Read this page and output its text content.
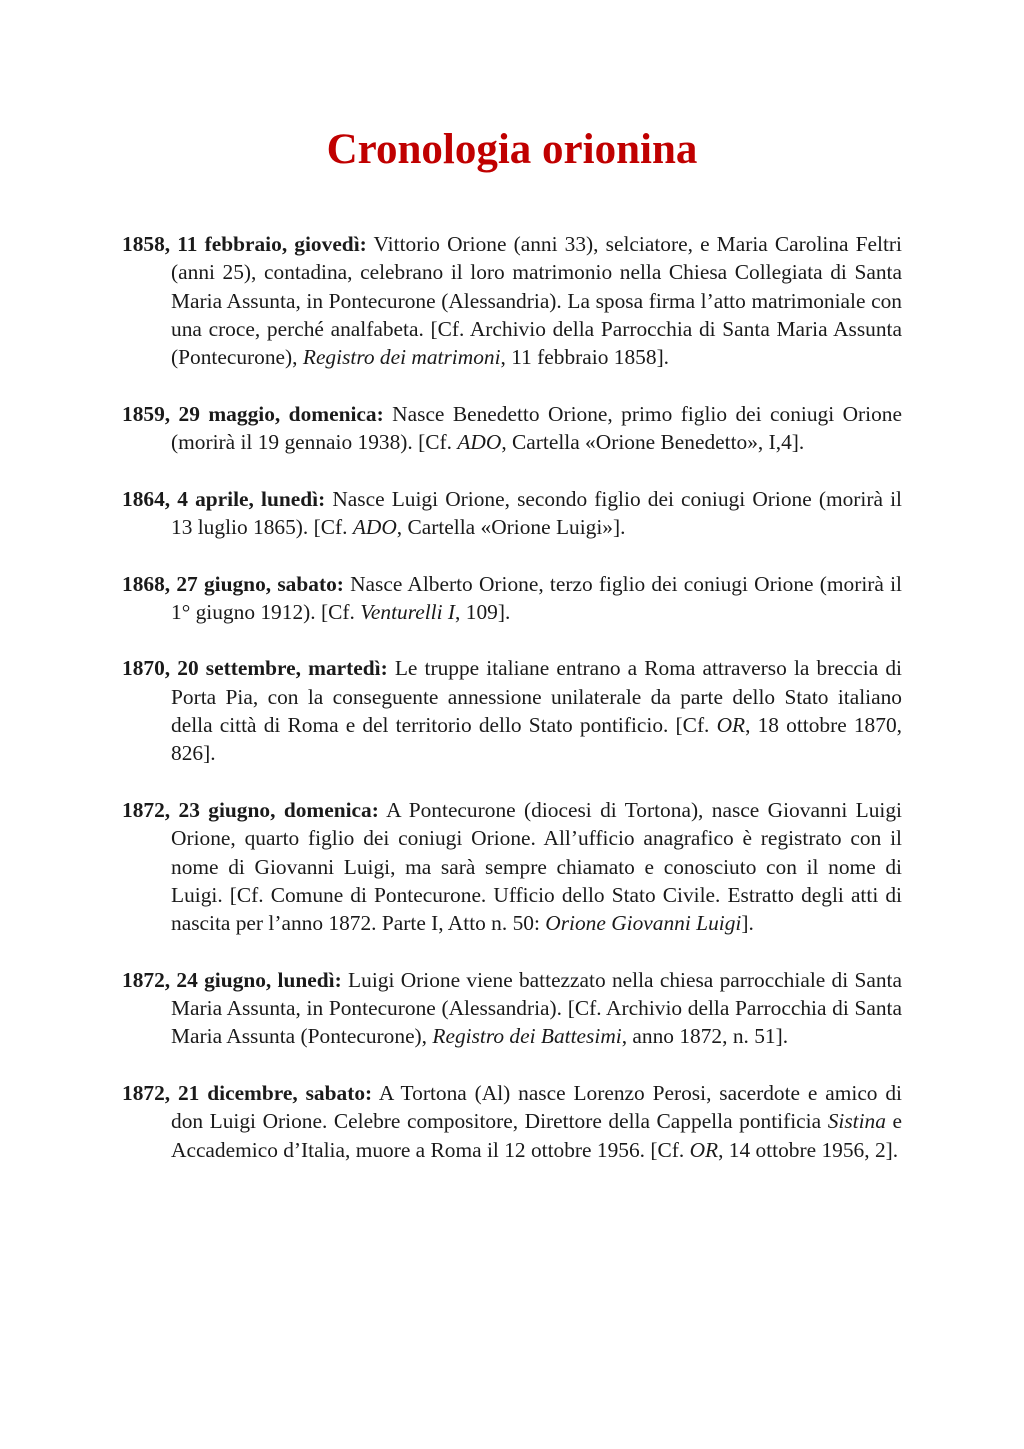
Cronologia orionina

1858, 11 febbraio, giovedì: Vittorio Orione (anni 33), selciatore, e Maria Carolina Feltri (anni 25), contadina, celebrano il loro matrimonio nella Chiesa Collegiata di Santa Maria Assunta, in Pontecurone (Alessandria). La sposa firma l’atto matrimoniale con una croce, perché analfabeta. [Cf. Archivio della Parrocchia di Santa Maria Assunta (Pontecurone), Registro dei matrimoni, 11 febbraio 1858].

1859, 29 maggio, domenica: Nasce Benedetto Orione, primo figlio dei coniugi Orione (morirà il 19 gennaio 1938). [Cf. ADO, Cartella «Orione Benedetto», I,4].

1864, 4 aprile, lunedì: Nasce Luigi Orione, secondo figlio dei coniugi Orione (morirà il 13 luglio 1865). [Cf. ADO, Cartella «Orione Luigi»].

1868, 27 giugno, sabato: Nasce Alberto Orione, terzo figlio dei coniugi Orione (morirà il 1° giugno 1912). [Cf. Venturelli I, 109].

1870, 20 settembre, martedì: Le truppe italiane entrano a Roma attraverso la breccia di Porta Pia, con la conseguente annessione unilaterale da parte dello Stato italiano della città di Roma e del territorio dello Stato pontificio. [Cf. OR, 18 ottobre 1870, 826].

1872, 23 giugno, domenica: A Pontecurone (diocesi di Tortona), nasce Giovanni Luigi Orione, quarto figlio dei coniugi Orione. All’ufficio anagrafico è registrato con il nome di Giovanni Luigi, ma sarà sempre chiamato e conosciuto con il nome di Luigi. [Cf. Comune di Pontecurone. Ufficio dello Stato Civile. Estratto degli atti di nascita per l’anno 1872. Parte I, Atto n. 50: Orione Giovanni Luigi].

1872, 24 giugno, lunedì: Luigi Orione viene battezzato nella chiesa parrocchiale di Santa Maria Assunta, in Pontecurone (Alessandria). [Cf. Archivio della Parrocchia di Santa Maria Assunta (Pontecurone), Registro dei Battesimi, anno 1872, n. 51].

1872, 21 dicembre, sabato: A Tortona (Al) nasce Lorenzo Perosi, sacerdote e amico di don Luigi Orione. Celebre compositore, Direttore della Cappella pontificia Sistina e Accademico d’Italia, muore a Roma il 12 ottobre 1956. [Cf. OR, 14 ottobre 1956, 2].
